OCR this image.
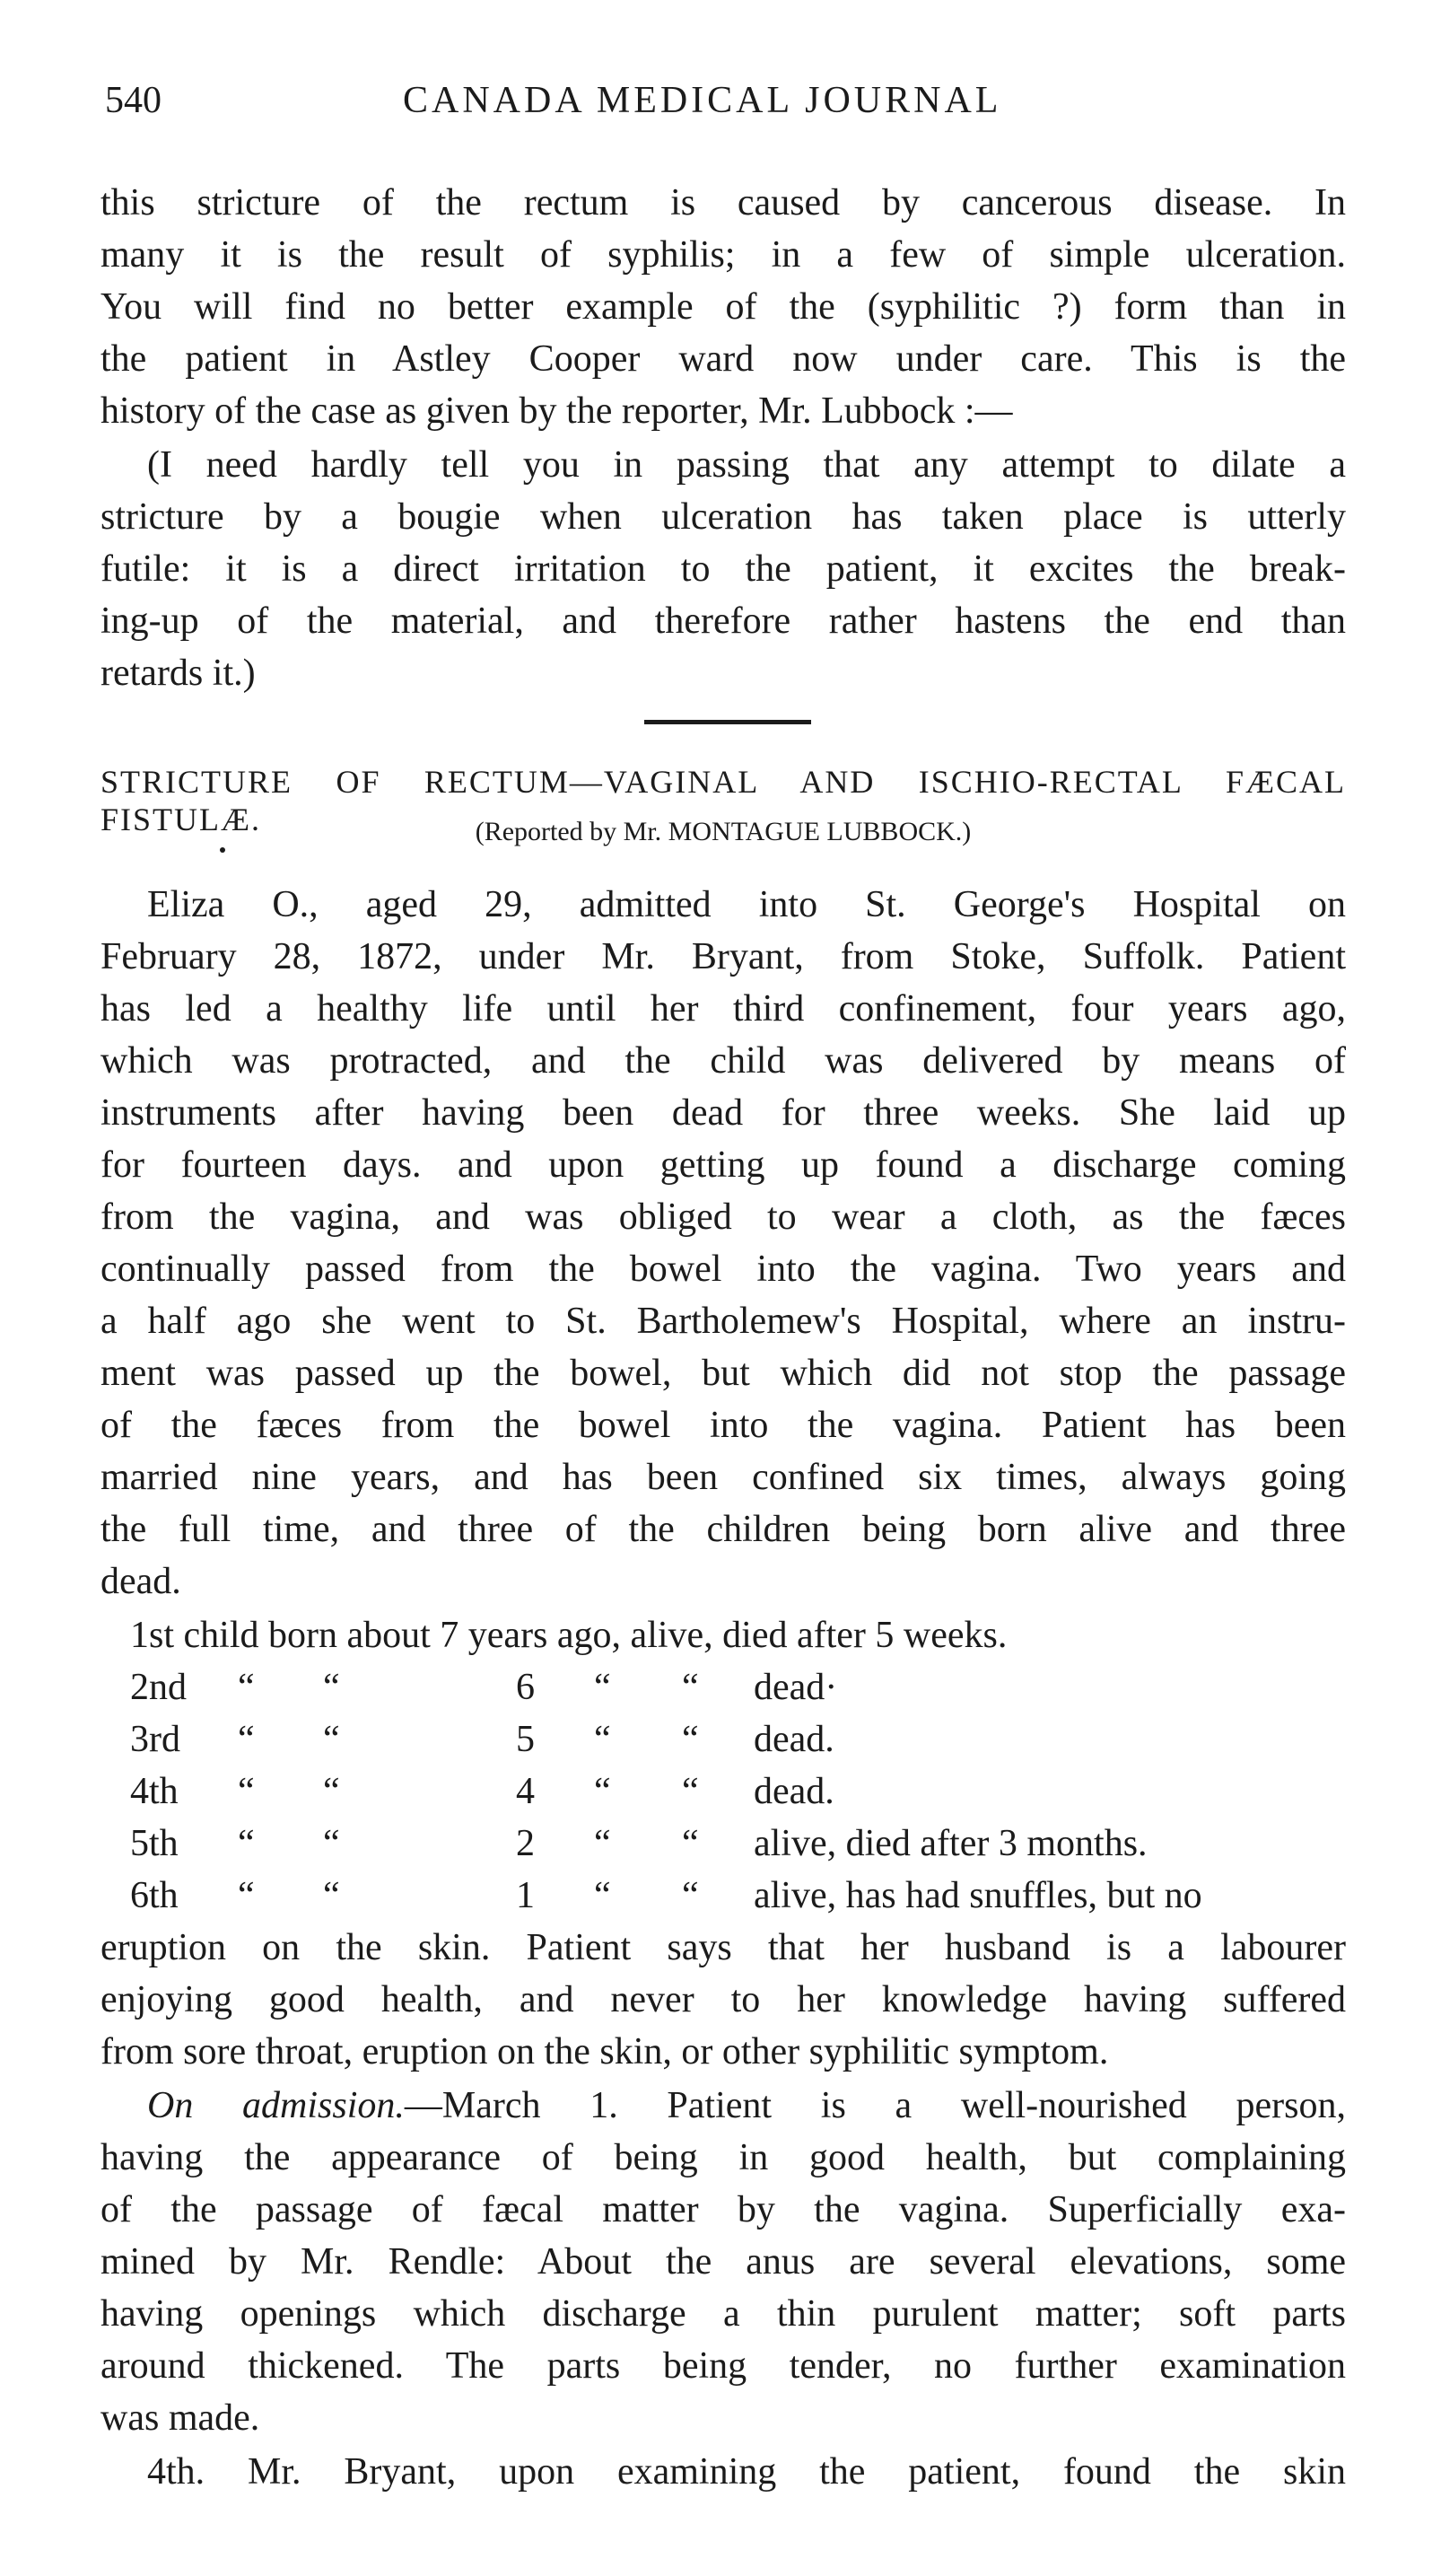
540	CANADA MEDICAL JOURNAL
this stricture of the rectum is caused by cancerous disease. In
many it is the result of syphilis; in a few of simple ulceration.
You will find no better example of the (syphilitic ?) form than in
the patient in Astley Cooper ward now under care. This is the
history of the case as given by the reporter, Mr. Lubbock :—
(I need hardly tell you in passing that any attempt to dilate a
stricture by a bougie when ulceration has taken place is utterly
futile: it is a direct irritation to the patient, it excites the break-
ing-up of the material, and therefore rather hastens the end than
retards it.)
STRICTURE OF RECTUM—VAGINAL AND ISCHIO-RECTAL FÆCAL FISTULÆ.	(Reported by Mr. MONTAGUE LUBBOCK.)
Eliza O., aged 29, admitted into St. George's Hospital on
February 28, 1872, under Mr. Bryant, from Stoke, Suffolk. Patient
has led a healthy life until her third confinement, four years ago,
which was protracted, and the child was delivered by means of
instruments after having been dead for three weeks. She laid up
for fourteen days. and upon getting up found a discharge coming
from the vagina, and was obliged to wear a cloth, as the fæces
continually passed from the bowel into the vagina. Two years and
a half ago she went to St. Bartholemew's Hospital, where an instru-
ment was passed up the bowel, but which did not stop the passage
of the fæces from the bowel into the vagina. Patient has been
married nine years, and has been confined six times, always going
the full time, and three of the children being born alive and three
dead.
1st child born about 7 years ago, alive, died after 5 weeks.
2nd “ “	6 “ “ dead·
3rd “ “	5 “ “ dead.
4th “ “	4 “ “ dead.
5th “ “	2 “ “ alive, died after 3 months.
6th “ “	1 “ “ alive, has had snuffles, but no
eruption on the skin. Patient says that her husband is a labourer
enjoying good health, and never to her knowledge having suffered
from sore throat, eruption on the skin, or other syphilitic symptom.
On admission.—March 1. Patient is a well-nourished person,
having the appearance of being in good health, but complaining
of the passage of fæcal matter by the vagina. Superficially exa-
mined by Mr. Rendle: About the anus are several elevations, some
having openings which discharge a thin purulent matter; soft parts
around thickened. The parts being tender, no further examination
was made.
4th. Mr. Bryant, upon examining the patient, found the skin
